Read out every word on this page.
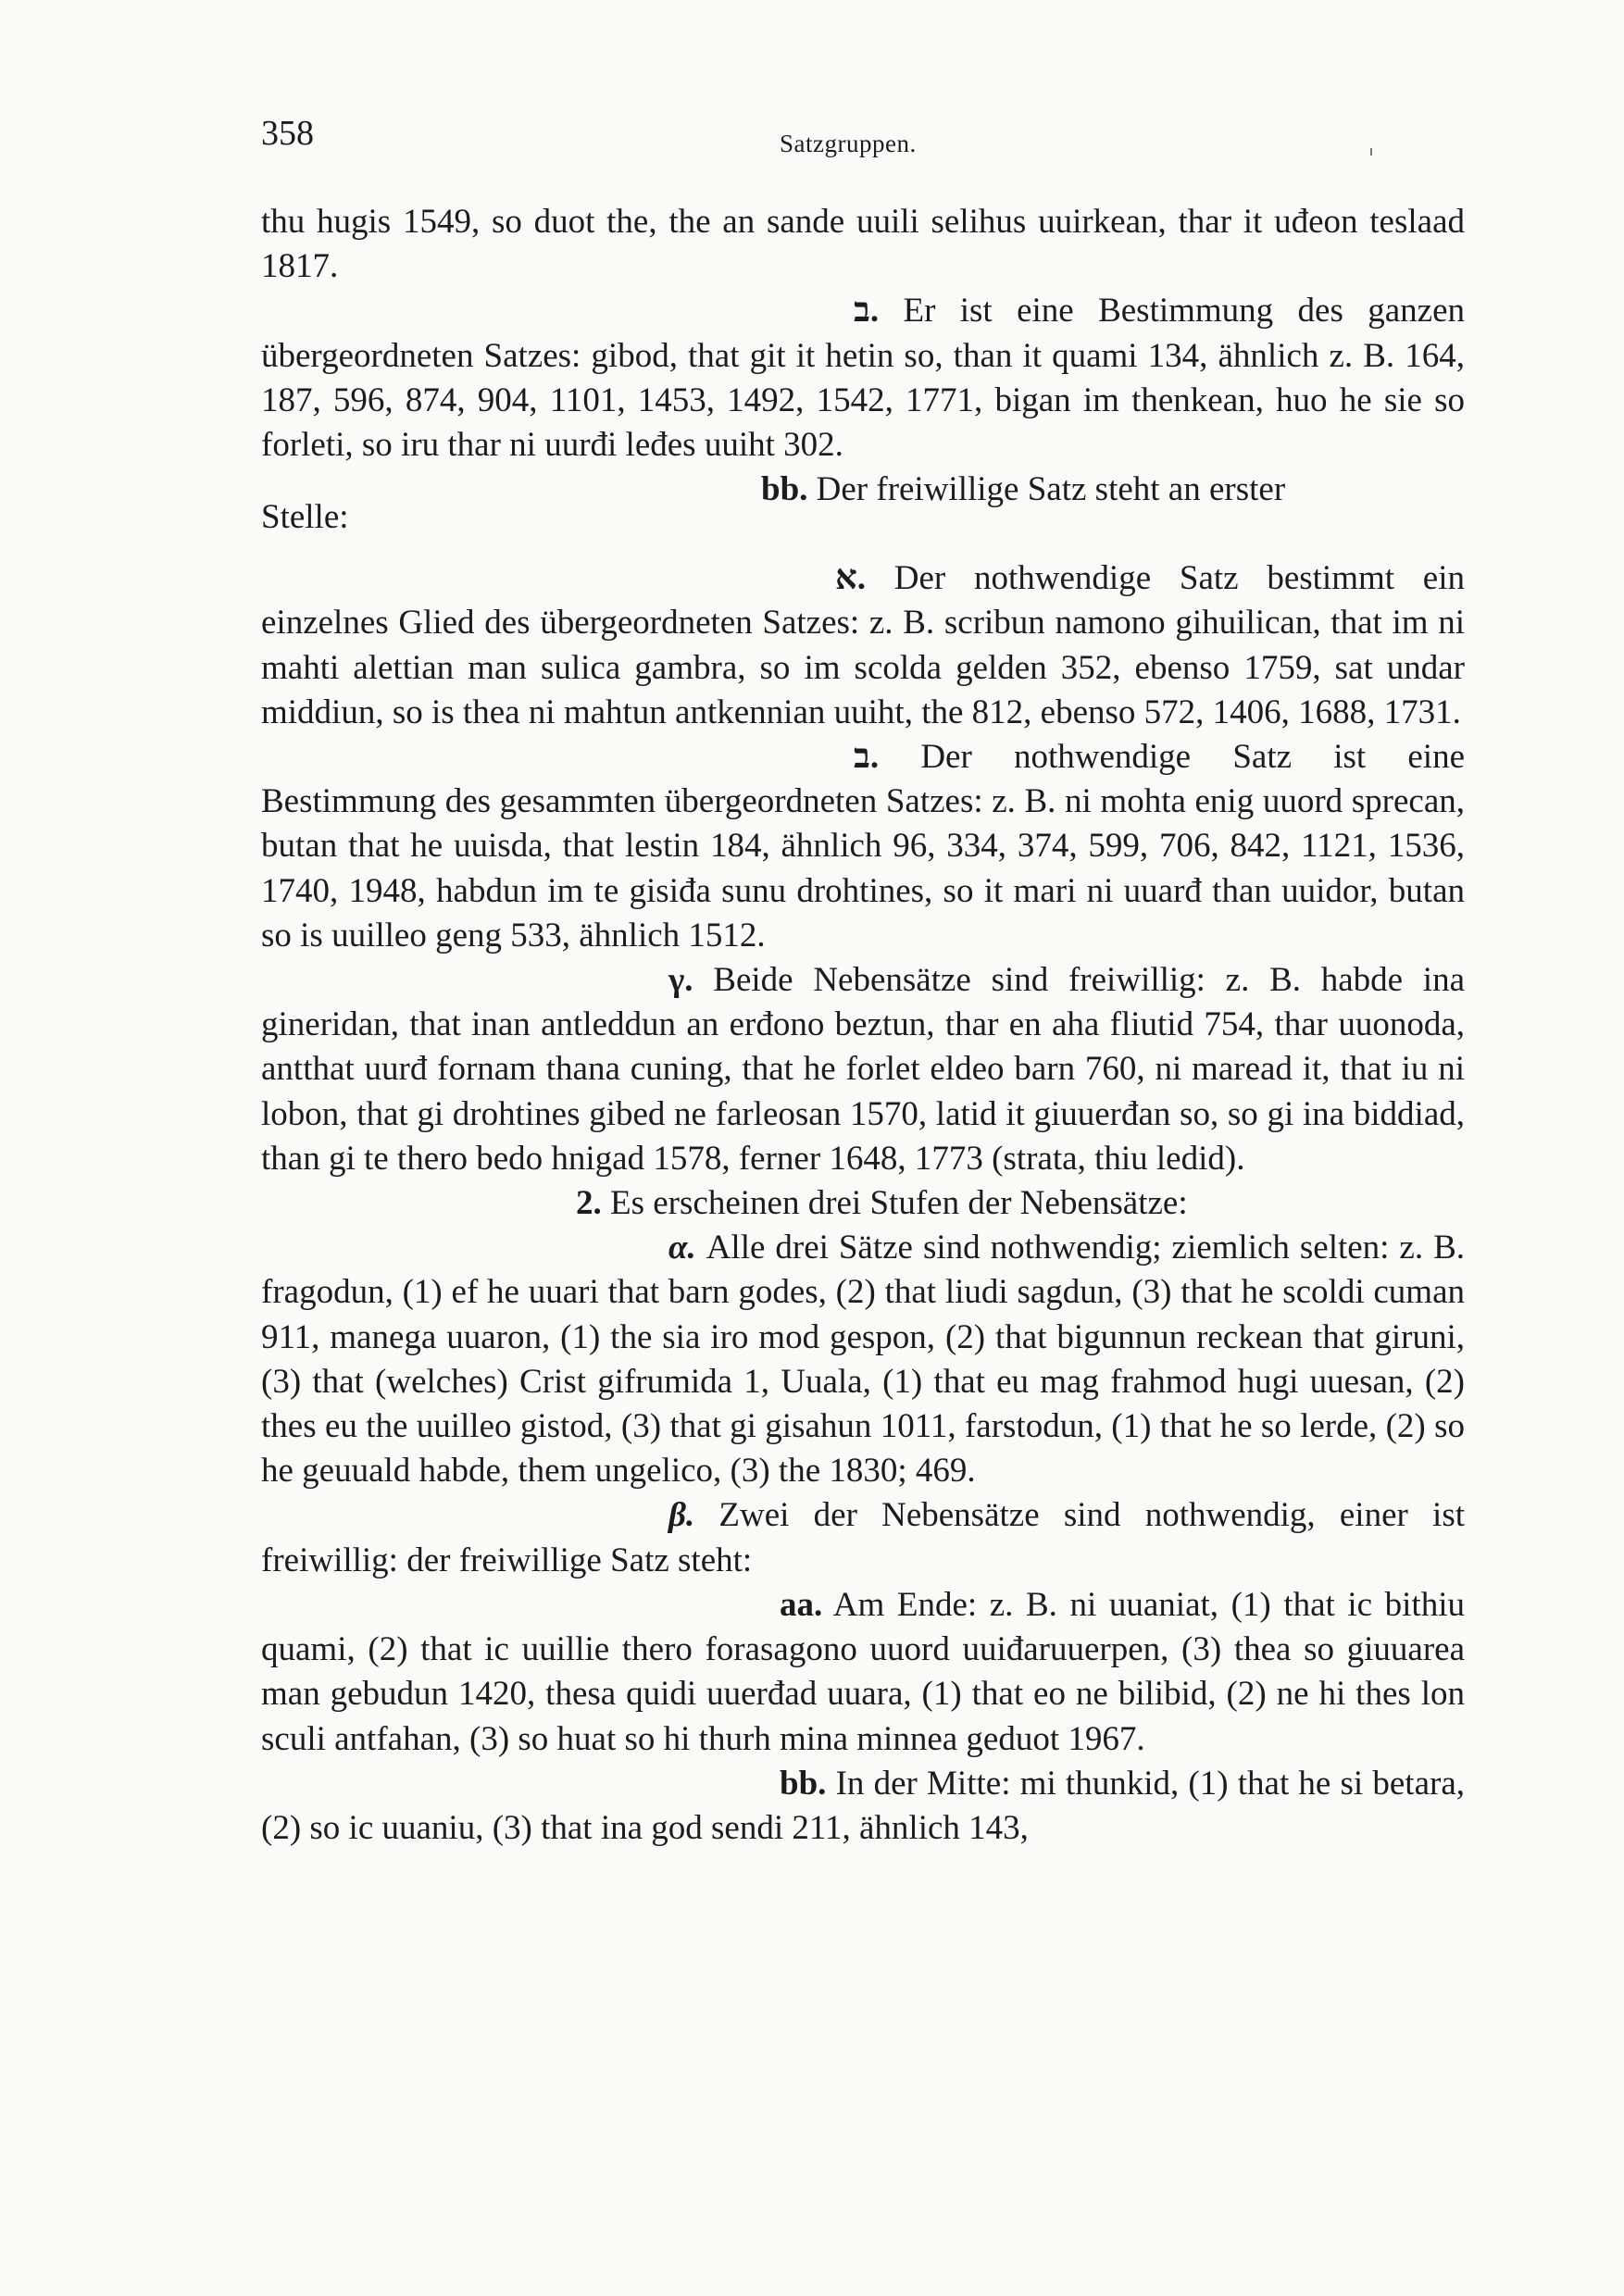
358	Satzgruppen.

thu hugis 1549, so duot the, the an sande uuili selihus uuirkean, thar it uđeon teslaad 1817.

ב. Er ist eine Bestimmung des ganzen übergeordneten Satzes: gibod, that git it hetin so, than it quami 134, ähnlich z. B. 164, 187, 596, 874, 904, 1101, 1453, 1492, 1542, 1771, bigan im thenkean, huo he sie so forleti, so iru thar ni uurđi leđes uuiht 302.

bb. Der freiwillige Satz steht an erster
Stelle:

א. Der nothwendige Satz bestimmt ein einzelnes Glied des übergeordneten Satzes: z. B. scribun namono gihuilican, that im ni mahti alettian man sulica gambra, so im scolda gelden 352, ebenso 1759, sat undar middiun, so is thea ni mahtun antkennian uuiht, the 812, ebenso 572, 1406, 1688, 1731.

ב. Der nothwendige Satz ist eine Bestimmung des gesammten übergeordneten Satzes: z. B. ni mohta enig uuord sprecan, butan that he uuisda, that lestin 184, ähnlich 96, 334, 374, 599, 706, 842, 1121, 1536, 1740, 1948, habdun im te gisiđa sunu drohtines, so it mari ni uuarđ than uuidor, butan so is uuilleo geng 533, ähnlich 1512.

γ. Beide Nebensätze sind freiwillig: z. B. habde ina gineridan, that inan antleddun an erđono beztun, thar en aha fliutid 754, thar uuonoda, antthat uurđ fornam thana cuning, that he forlet eldeo barn 760, ni maread it, that iu ni lobon, that gi drohtines gibed ne farleosan 1570, latid it giuuerđan so, so gi ina biddiad, than gi te thero bedo hnigad 1578, ferner 1648, 1773 (strata, thiu ledid).

2. Es erscheinen drei Stufen der Nebensätze:

α. Alle drei Sätze sind nothwendig; ziemlich selten: z. B. fragodun, (1) ef he uuari that barn godes, (2) that liudi sagdun, (3) that he scoldi cuman 911, manega uuaron, (1) the sia iro mod gespon, (2) that bigunnun reckean that giruni, (3) that (welches) Crist gifrumida 1, Uuala, (1) that eu mag frahmod hugi uuesan, (2) thes eu the uuilleo gistod, (3) that gi gisahun 1011, farstodun, (1) that he so lerde, (2) so he geuuald habde, them ungelico, (3) the 1830; 469.

β. Zwei der Nebensätze sind nothwendig, einer ist freiwillig: der freiwillige Satz steht:

aa. Am Ende: z. B. ni uuaniat, (1) that ic bithiu quami, (2) that ic uuillie thero forasagono uuord uuiđaruuerpen, (3) thea so giuuarea man gebudun 1420, thesa quidi uuerđad uuara, (1) that eo ne bilibid, (2) ne hi thes lon sculi antfahan, (3) so huat so hi thurh mina minnea geduot 1967.

bb. In der Mitte: mi thunkid, (1) that he si betara, (2) so ic uuaniu, (3) that ina god sendi 211, ähnlich 143,
